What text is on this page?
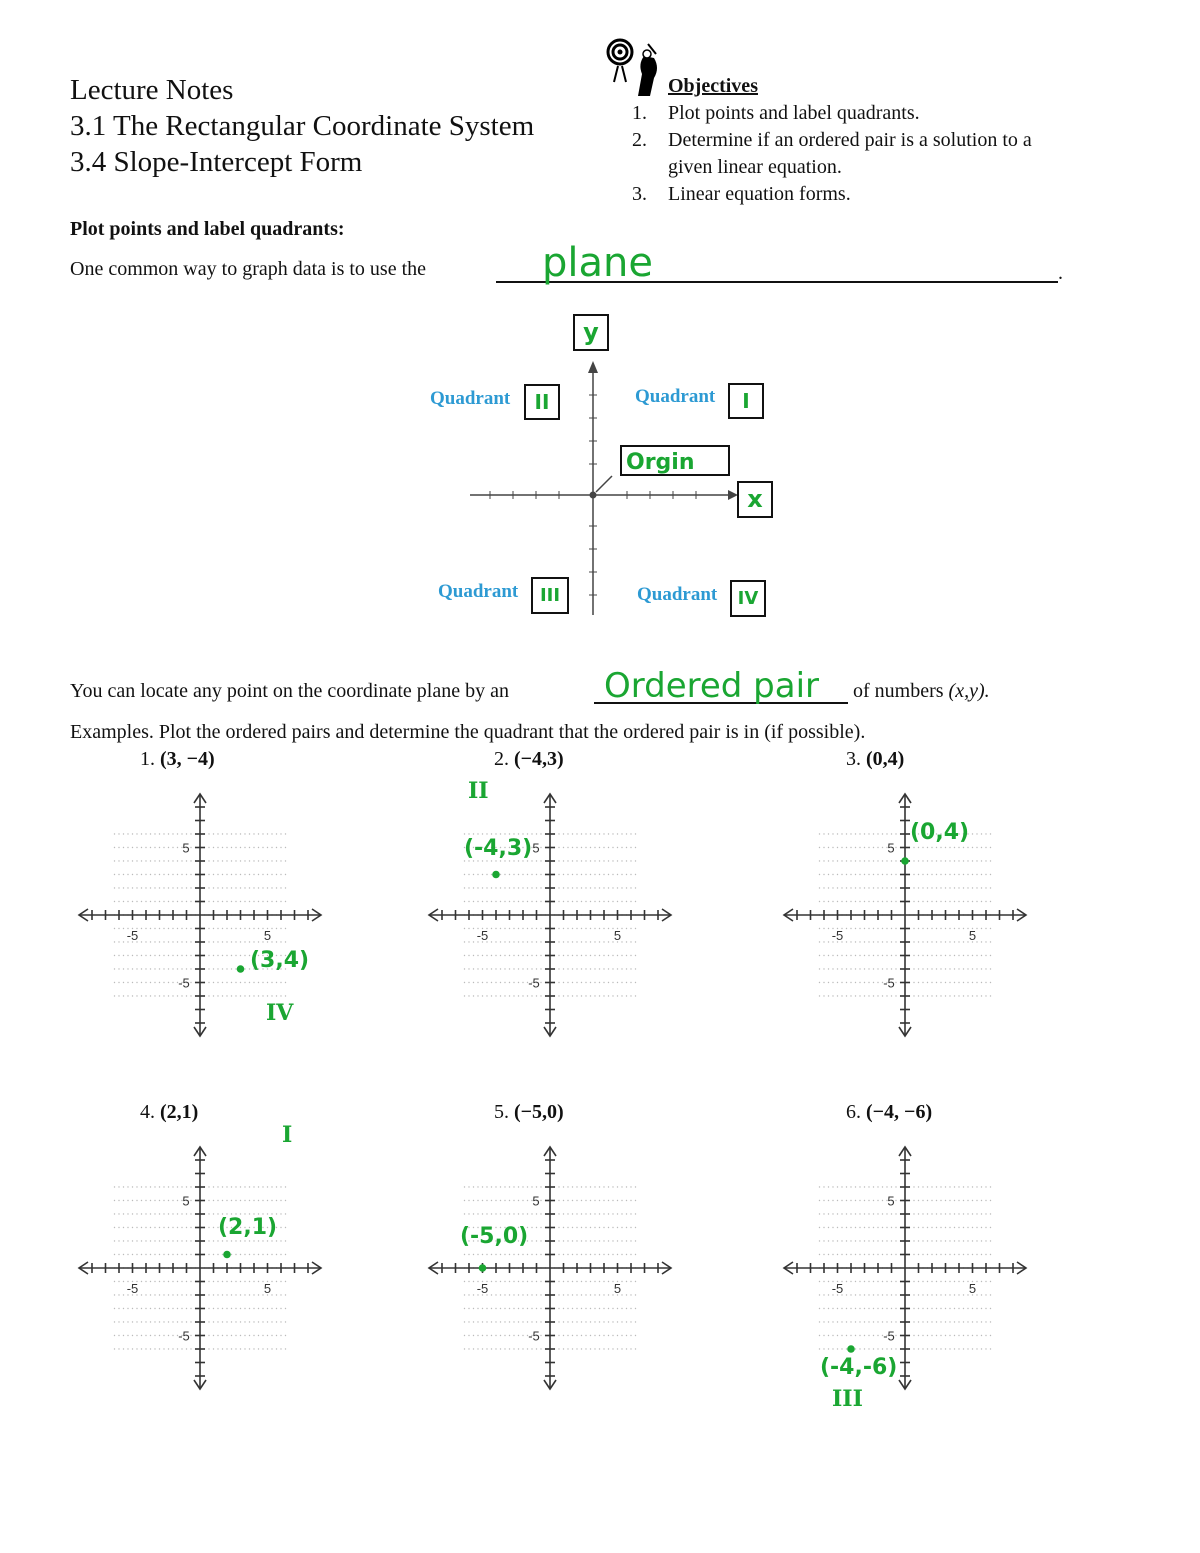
Lecture Notes
3.1 The Rectangular Coordinate System
3.4 Slope-Intercept Form
Objectives
1. Plot points and label quadrants.
2. Determine if an ordered pair is a solution to a
given linear equation.
3. Linear equation forms.
Plot points and label quadrants:
One common way to graph data is to use the	plane	.
y
x
Orgin
Quadrant	II	Quadrant	I
Quadrant	III	Quadrant	IV
You can locate any point on the coordinate plane by an	Ordered pair of numbers (x,y).
Examples. Plot the ordered pairs and determine the quadrant that the ordered pair is in (if possible).
1. (3, −4)
-5	5
5
-5
(3,4)
IV
2. (−4,3)
-5	5
5
-5
(-4,3)
II
3. (0,4)
-5	5
5
-5
(0,4)
4. (2,1)
-5	5
5
-5
(2,1)
I
5. (−5,0)
-5	5
5
-5
(-5,0)
6. (−4, −6)
-5	5
5
-5
(-4,-6)
III
